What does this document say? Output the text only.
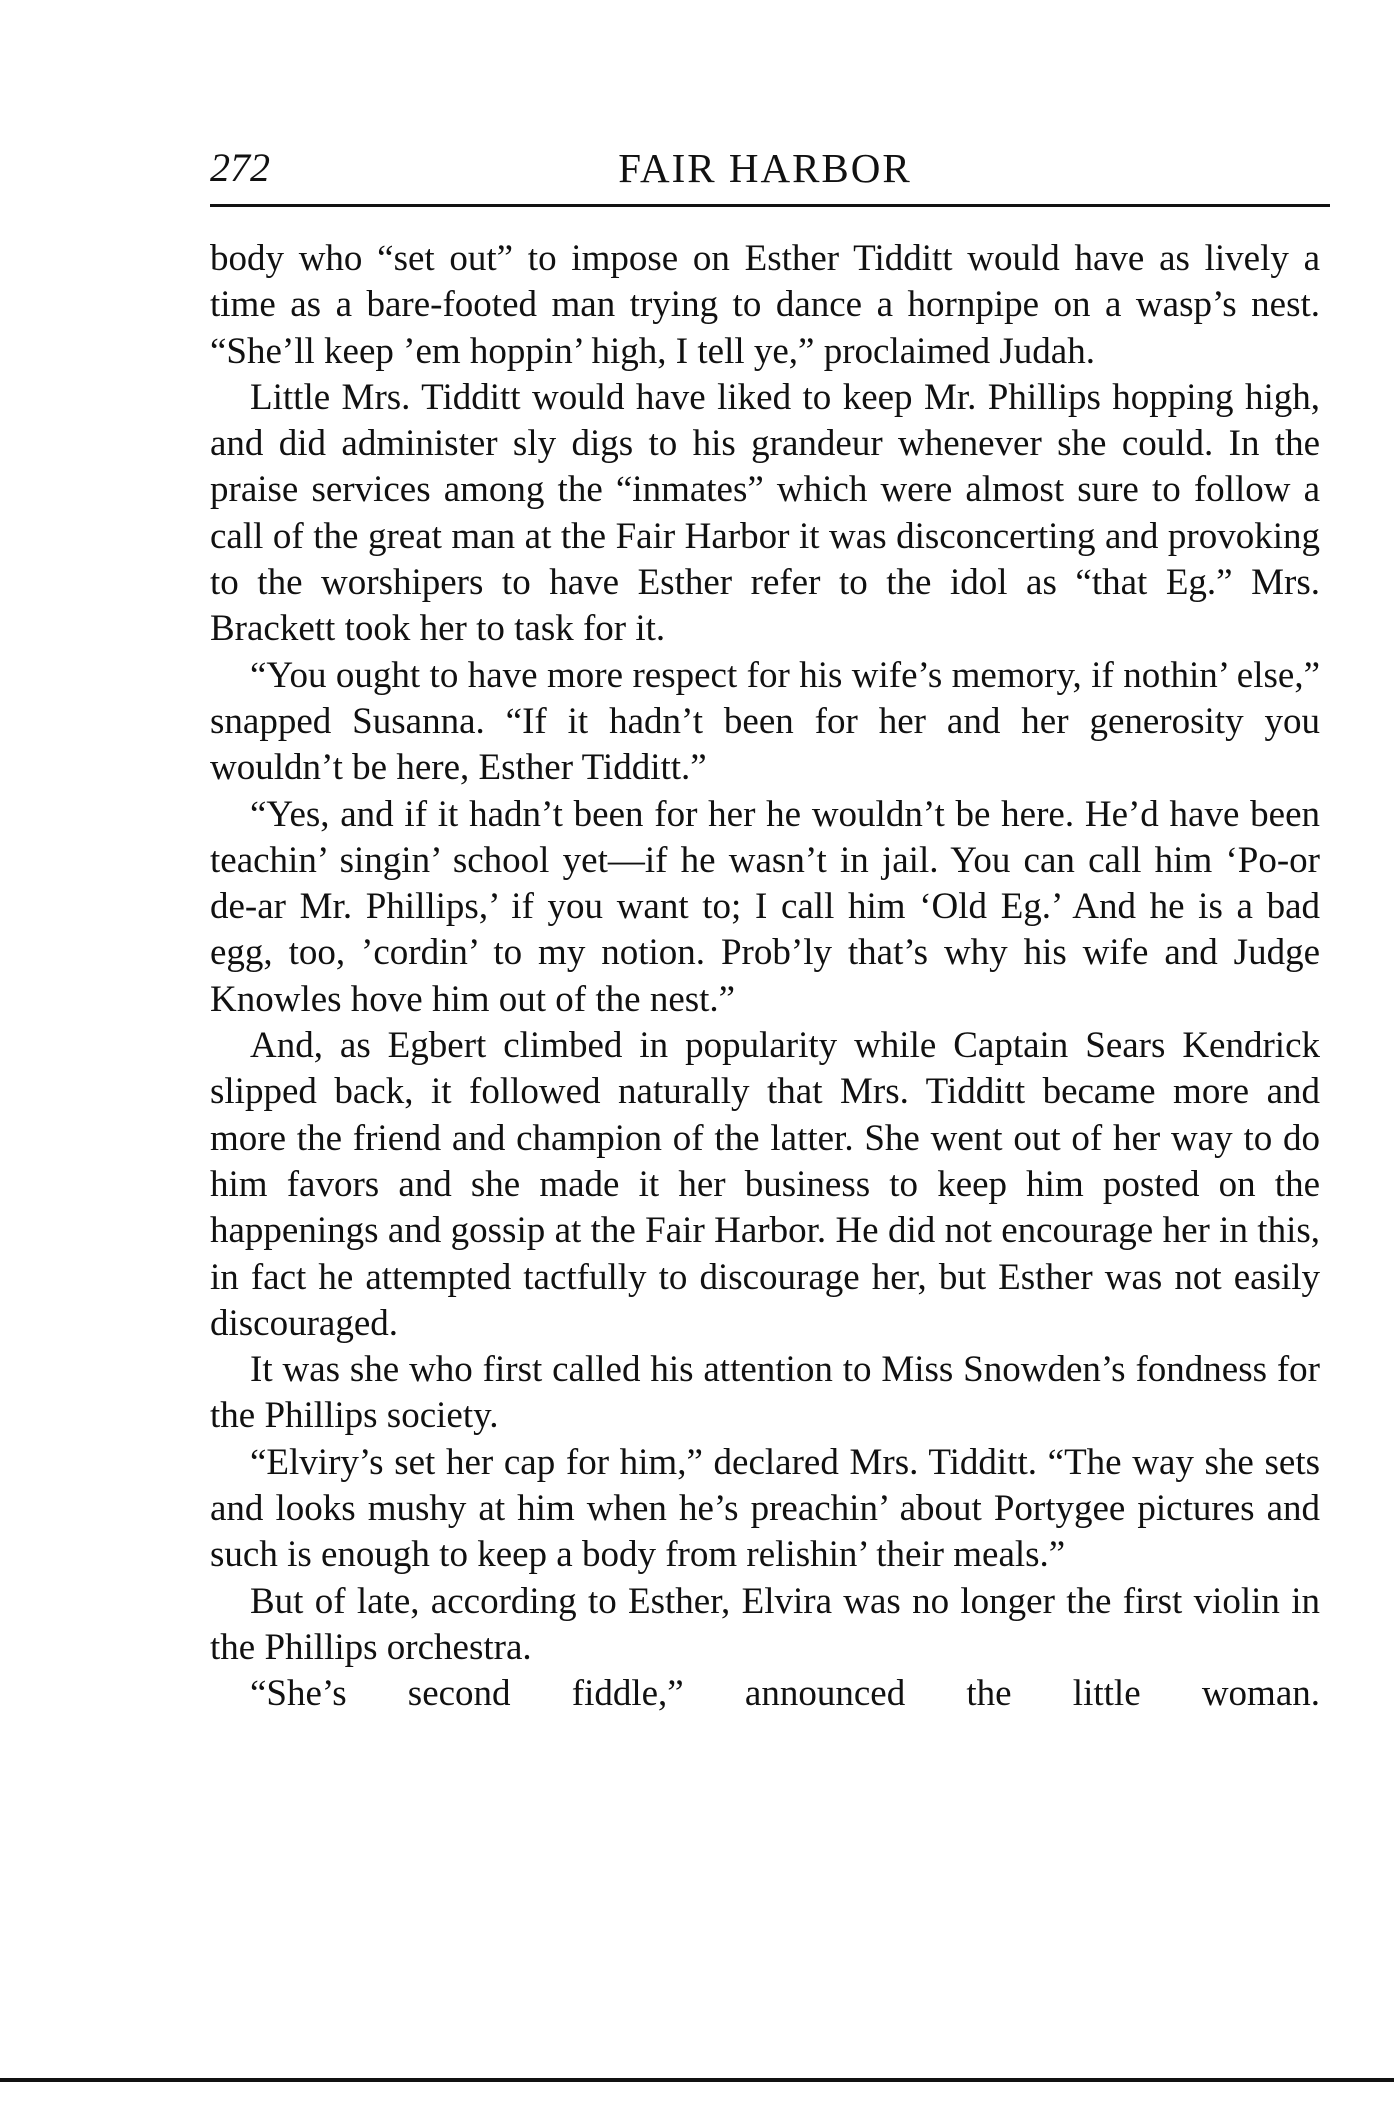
272	FAIR HARBOR

body who “set out” to impose on Esther Tidditt would have as lively a time as a bare-footed man trying to dance a hornpipe on a wasp’s nest. “She’ll keep ’em hoppin’ high, I tell ye,” proclaimed Judah.

Little Mrs. Tidditt would have liked to keep Mr. Phillips hopping high, and did administer sly digs to his grandeur whenever she could. In the praise services among the “inmates” which were almost sure to follow a call of the great man at the Fair Harbor it was disconcerting and provoking to the worshipers to have Esther refer to the idol as “that Eg.” Mrs. Brackett took her to task for it.

“You ought to have more respect for his wife’s memory, if nothin’ else,” snapped Susanna. “If it hadn’t been for her and her generosity you wouldn’t be here, Esther Tidditt.”

“Yes, and if it hadn’t been for her he wouldn’t be here. He’d have been teachin’ singin’ school yet—if he wasn’t in jail. You can call him ‘Po-or de-ar Mr. Phillips,’ if you want to; I call him ‘Old Eg.’ And he is a bad egg, too, ’cordin’ to my notion. Prob’ly that’s why his wife and Judge Knowles hove him out of the nest.”

And, as Egbert climbed in popularity while Captain Sears Kendrick slipped back, it followed naturally that Mrs. Tidditt became more and more the friend and champion of the latter. She went out of her way to do him favors and she made it her business to keep him posted on the happenings and gossip at the Fair Harbor. He did not encourage her in this, in fact he attempted tactfully to discourage her, but Esther was not easily discouraged.

It was she who first called his attention to Miss Snowden’s fondness for the Phillips society.

“Elviry’s set her cap for him,” declared Mrs. Tidditt. “The way she sets and looks mushy at him when he’s preachin’ about Portygee pictures and such is enough to keep a body from relishin’ their meals.”

But of late, according to Esther, Elvira was no longer the first violin in the Phillips orchestra.

“She’s second fiddle,” announced the little woman.
